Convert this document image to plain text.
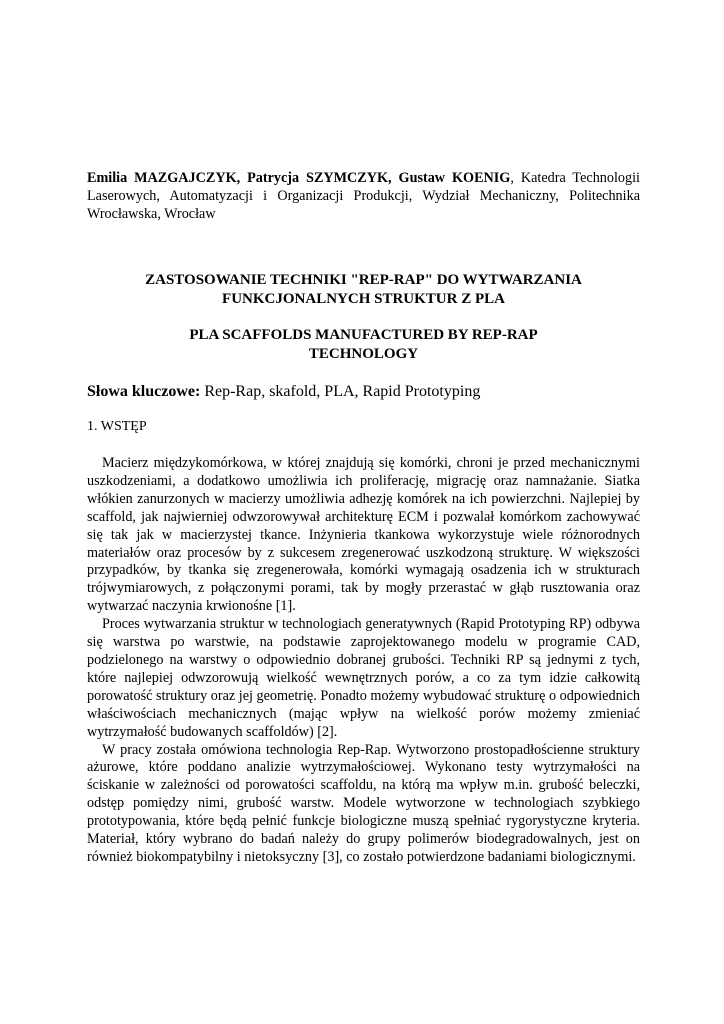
Emilia MAZGAJCZYK, Patrycja SZYMCZYK, Gustaw KOENIG, Katedra Technologii Laserowych, Automatyzacji i Organizacji Produkcji, Wydział Mechaniczny, Politechnika Wrocławska, Wrocław

ZASTOSOWANIE TECHNIKI "REP-RAP" DO WYTWARZANIA
FUNKCJONALNYCH STRUKTUR Z PLA
PLA SCAFFOLDS MANUFACTURED BY REP-RAP
TECHNOLOGY
Słowa kluczowe: Rep-Rap, skafold, PLA, Rapid Prototyping
1. WSTĘP

Macierz międzykomórkowa, w której znajdują się komórki, chroni je przed mechanicznymi uszkodzeniami, a dodatkowo umożliwia ich proliferację, migrację oraz namnażanie. Siatka włókien zanurzonych w macierzy umożliwia adhezję komórek na ich powierzchni. Najlepiej by scaffold, jak najwierniej odwzorowywał architekturę ECM i pozwalał komórkom zachowywać się tak jak w macierzystej tkance. Inżynieria tkankowa wykorzystuje wiele różnorodnych materiałów oraz procesów by z sukcesem zregenerować uszkodzoną strukturę. W większości przypadków, by tkanka się zregenerowała, komórki wymagają osadzenia ich w strukturach trójwymiarowych, z połączonymi porami, tak by mogły przerastać w głąb rusztowania oraz wytwarzać naczynia krwionośne [1].

Proces wytwarzania struktur w technologiach generatywnych (Rapid Prototyping RP) odbywa się warstwa po warstwie, na podstawie zaprojektowanego modelu w programie CAD, podzielonego na warstwy o odpowiednio dobranej grubości. Techniki RP są jednymi z tych, które najlepiej odwzorowują wielkość wewnętrznych porów, a co za tym idzie całkowitą porowatość struktury oraz jej geometrię. Ponadto możemy wybudować strukturę o odpowiednich właściwościach mechanicznych (mając wpływ na wielkość porów możemy zmieniać wytrzymałość budowanych scaffoldów) [2].

W pracy została omówiona technologia Rep-Rap. Wytworzono prostopadłościenne struktury ażurowe, które poddano analizie wytrzymałościowej. Wykonano testy wytrzymałości na ściskanie w zależności od porowatości scaffoldu, na którą ma wpływ m.in. grubość beleczki, odstęp pomiędzy nimi, grubość warstw. Modele wytworzone w technologiach szybkiego prototypowania, które będą pełnić funkcje biologiczne muszą spełniać rygorystyczne kryteria. Materiał, który wybrano do badań należy do grupy polimerów biodegradowalnych, jest on również biokompatybilny i nietoksyczny [3], co zostało potwierdzone badaniami biologicznymi.
